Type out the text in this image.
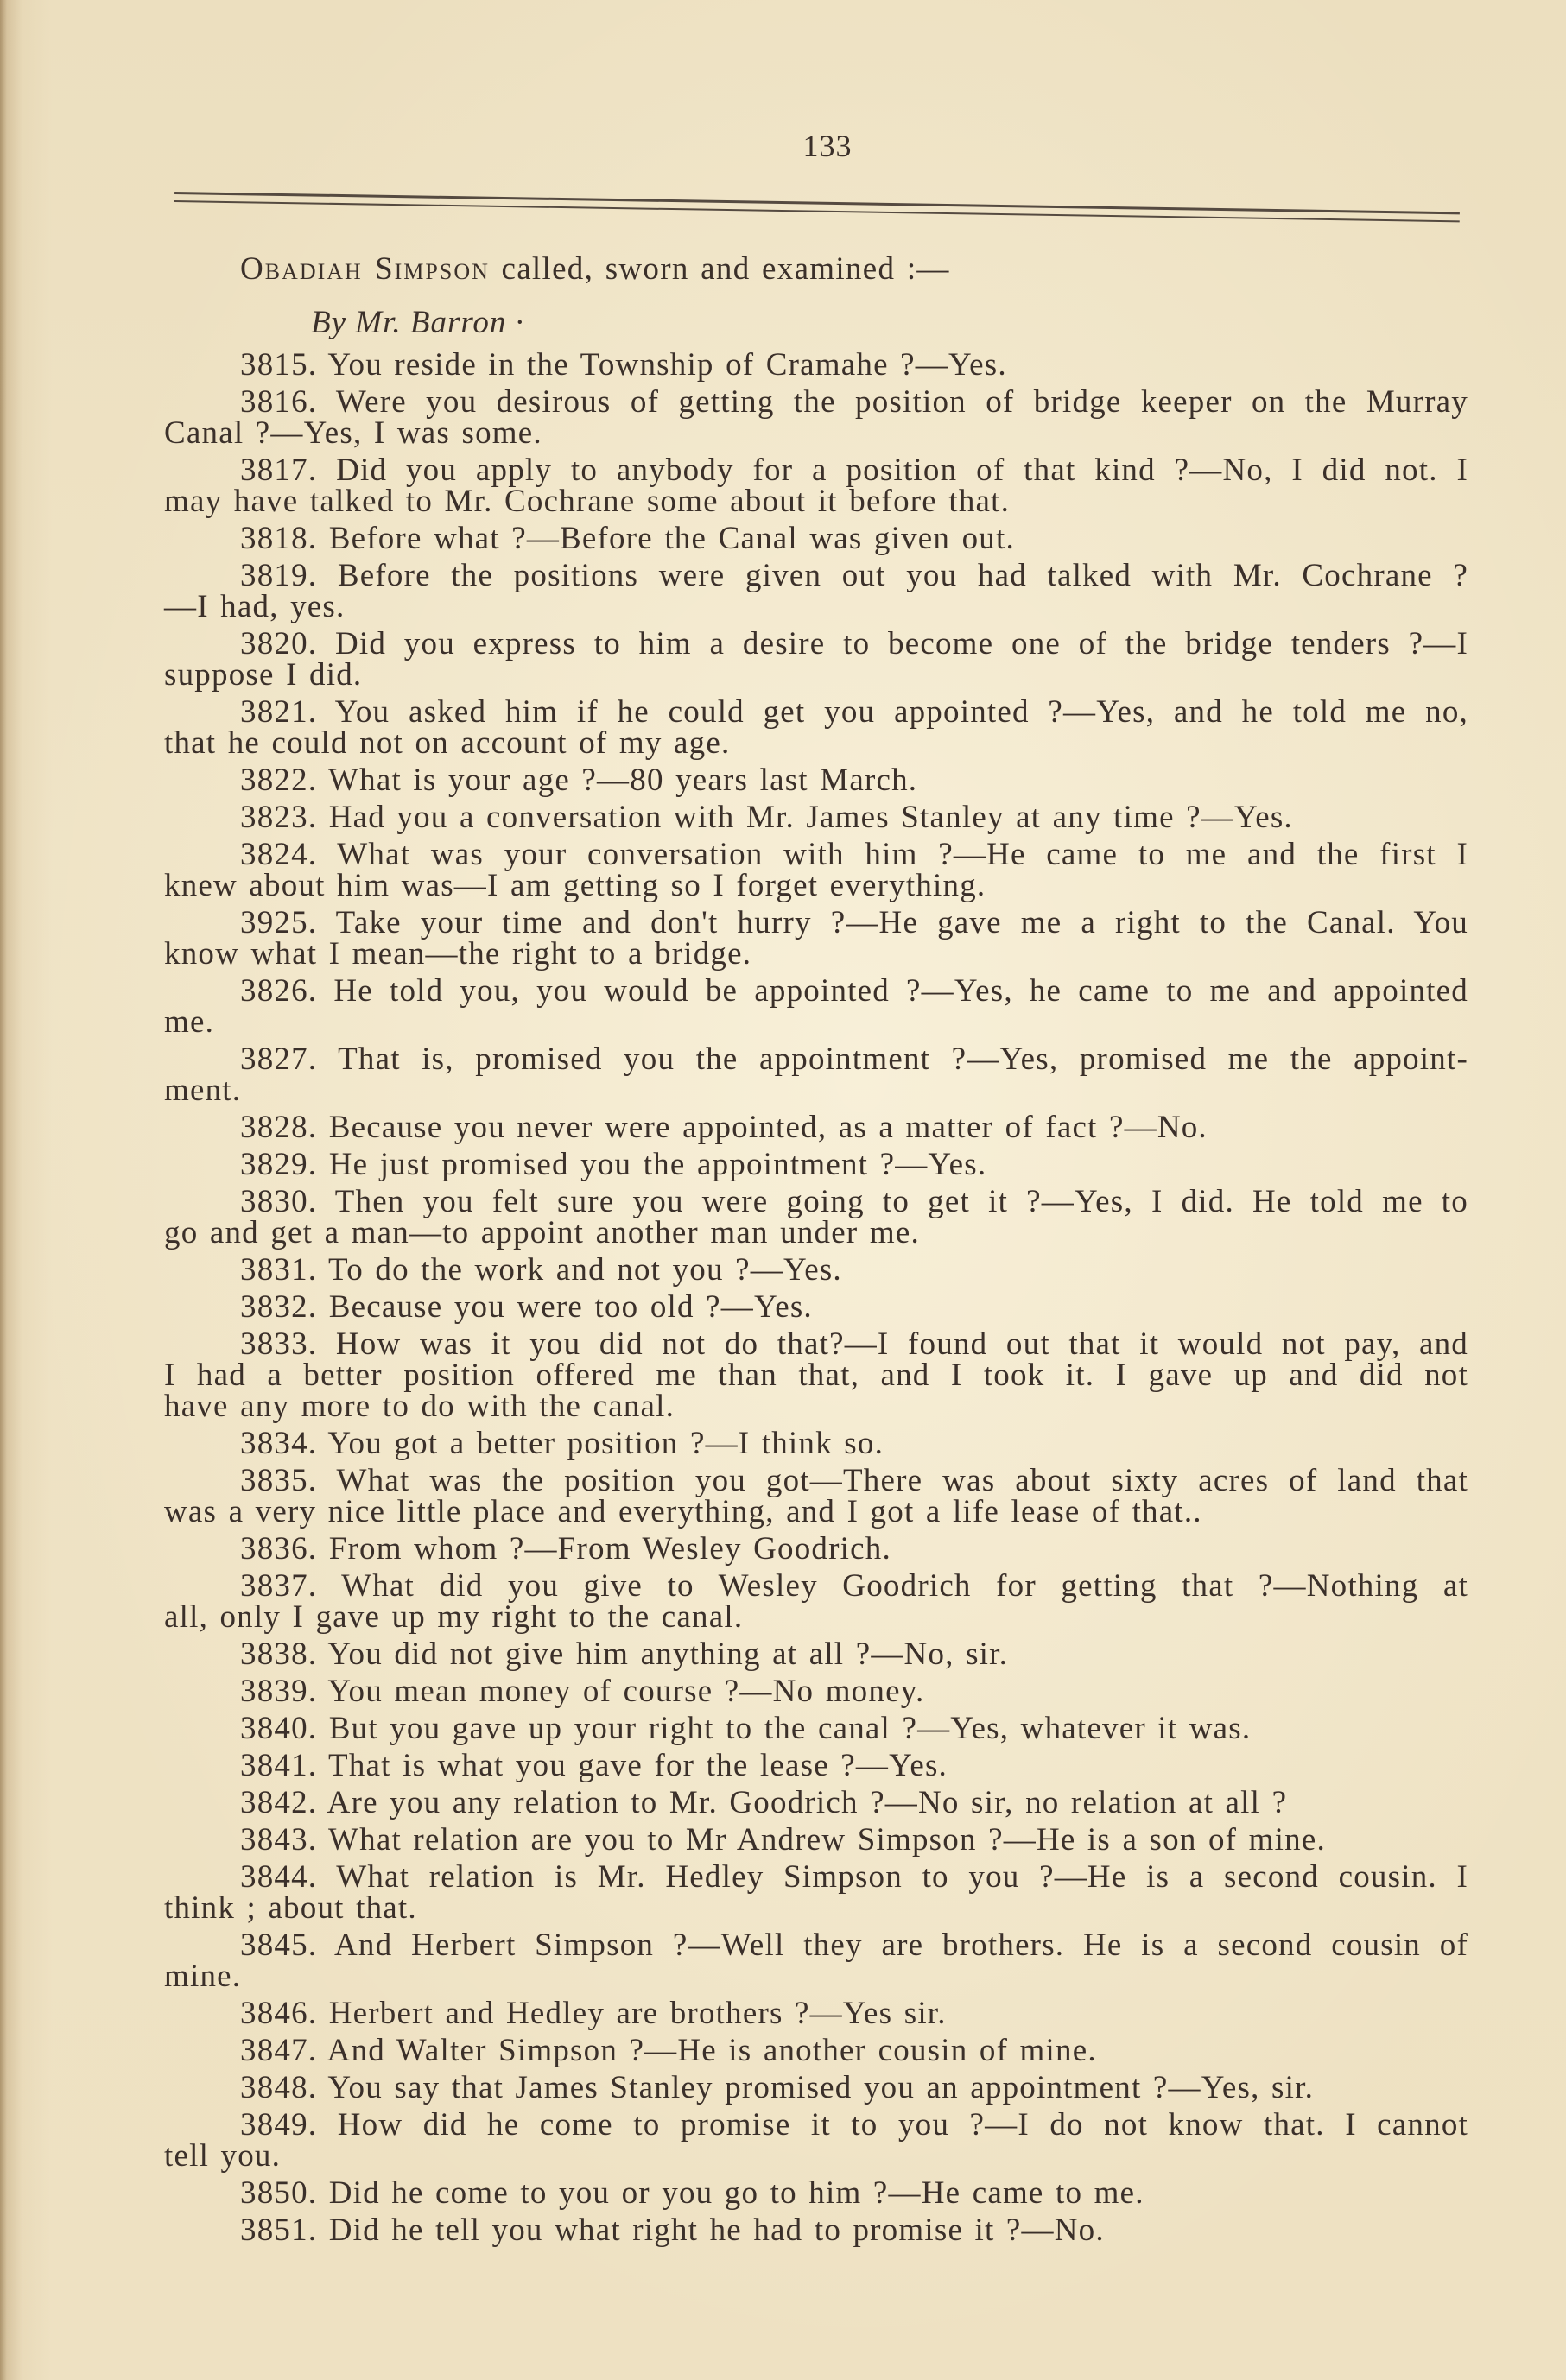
133
Obadiah Simpson called, sworn and examined :—
By Mr. Barron ·
3815. You reside in the Township of Cramahe ?—Yes.
3816. Were you desirous of getting the position of bridge keeper on the Murray
Canal ?—Yes, I was some.
3817. Did you apply to anybody for a position of that kind ?—No, I did not. I
may have talked to Mr. Cochrane some about it before that.
3818. Before what ?—Before the Canal was given out.
3819. Before the positions were given out you had talked with Mr. Cochrane ?
—I had, yes.
3820. Did you express to him a desire to become one of the bridge tenders ?—I
suppose I did.
3821. You asked him if he could get you appointed ?—Yes, and he told me no,
that he could not on account of my age.
3822. What is your age ?—80 years last March.
3823. Had you a conversation with Mr. James Stanley at any time ?—Yes.
3824. What was your conversation with him ?—He came to me and the first I
knew about him was—I am getting so I forget everything.
3925. Take your time and don't hurry ?—He gave me a right to the Canal. You
know what I mean—the right to a bridge.
3826. He told you, you would be appointed ?—Yes, he came to me and appointed
me.
3827. That is, promised you the appointment ?—Yes, promised me the appoint-
ment.
3828. Because you never were appointed, as a matter of fact ?—No.
3829. He just promised you the appointment ?—Yes.
3830. Then you felt sure you were going to get it ?—Yes, I did. He told me to
go and get a man—to appoint another man under me.
3831. To do the work and not you ?—Yes.
3832. Because you were too old ?—Yes.
3833. How was it you did not do that?—I found out that it would not pay, and
I had a better position offered me than that, and I took it. I gave up and did not
have any more to do with the canal.
3834. You got a better position ?—I think so.
3835. What was the position you got—There was about sixty acres of land that
was a very nice little place and everything, and I got a life lease of that..
3836. From whom ?—From Wesley Goodrich.
3837. What did you give to Wesley Goodrich for getting that ?—Nothing at
all, only I gave up my right to the canal.
3838. You did not give him anything at all ?—No, sir.
3839. You mean money of course ?—No money.
3840. But you gave up your right to the canal ?—Yes, whatever it was.
3841. That is what you gave for the lease ?—Yes.
3842. Are you any relation to Mr. Goodrich ?—No sir, no relation at all ?
3843. What relation are you to Mr Andrew Simpson ?—He is a son of mine.
3844. What relation is Mr. Hedley Simpson to you ?—He is a second cousin. I
think ; about that.
3845. And Herbert Simpson ?—Well they are brothers. He is a second cousin of
mine.
3846. Herbert and Hedley are brothers ?—Yes sir.
3847. And Walter Simpson ?—He is another cousin of mine.
3848. You say that James Stanley promised you an appointment ?—Yes, sir.
3849. How did he come to promise it to you ?—I do not know that. I cannot
tell you.
3850. Did he come to you or you go to him ?—He came to me.
3851. Did he tell you what right he had to promise it ?—No.
